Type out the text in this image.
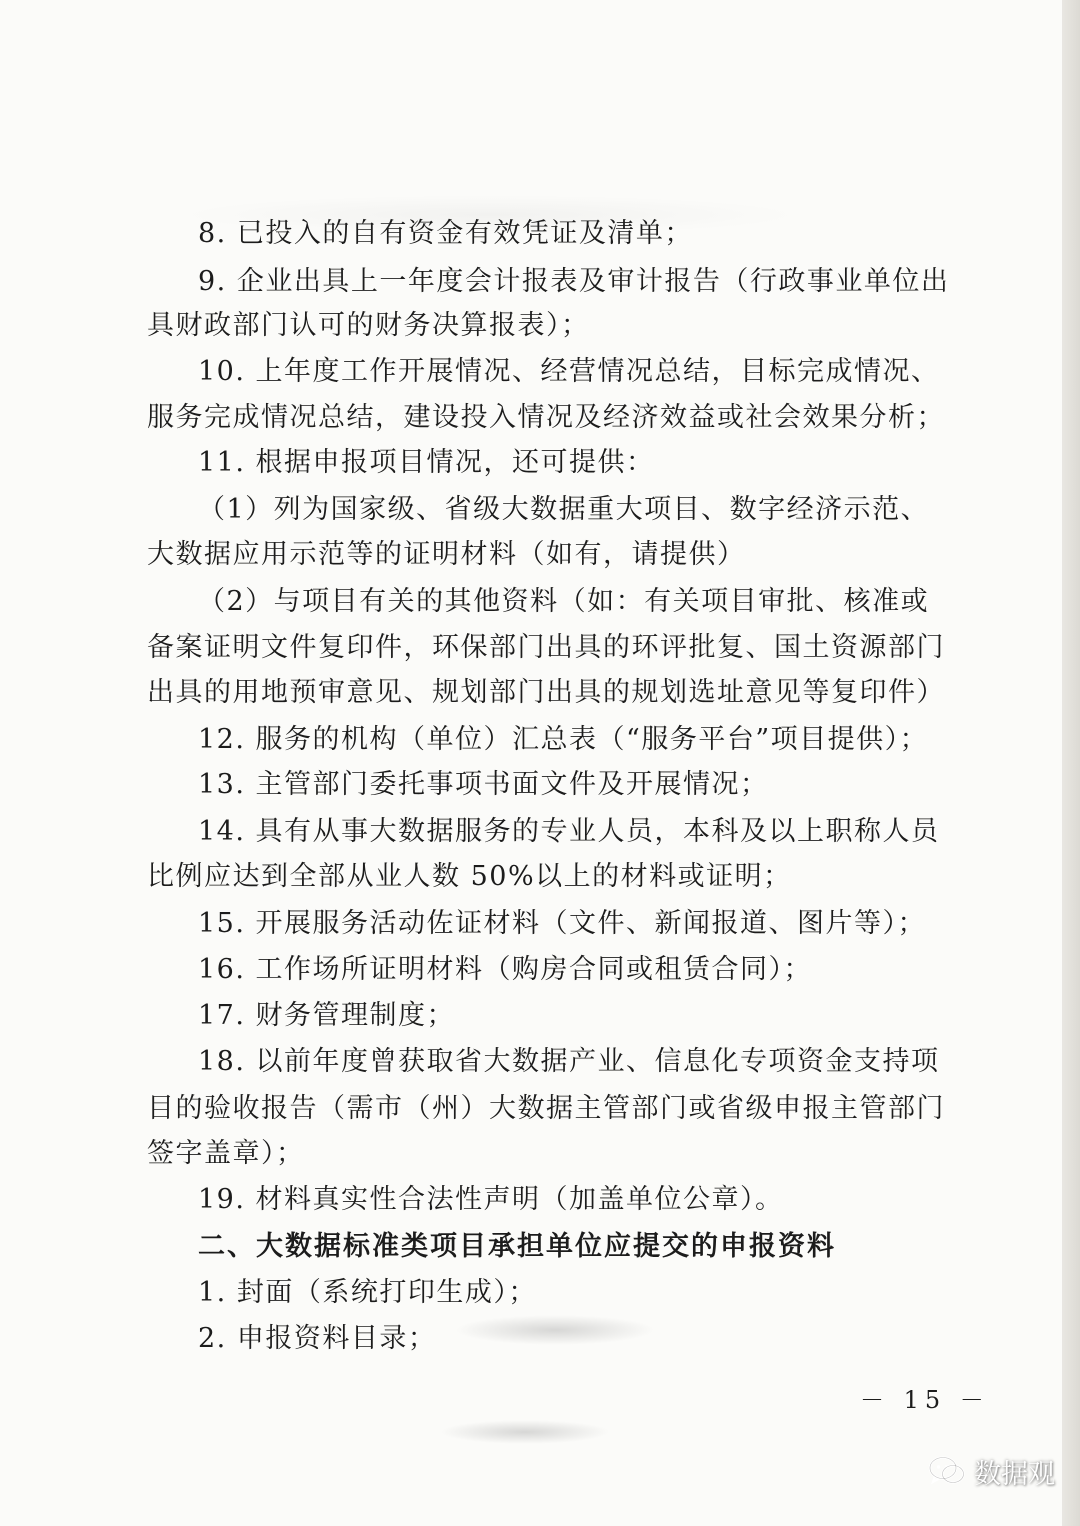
8. 已投入的自有资金有效凭证及清单；
9. 企业出具上一年度会计报表及审计报告（行政事业单位出
具财政部门认可的财务决算报表）；
10. 上年度工作开展情况、经营情况总结，目标完成情况、
服务完成情况总结，建设投入情况及经济效益或社会效果分析；
11. 根据申报项目情况，还可提供：
（1）列为国家级、省级大数据重大项目、数字经济示范、
大数据应用示范等的证明材料（如有，请提供）
（2）与项目有关的其他资料（如：有关项目审批、核准或
备案证明文件复印件，环保部门出具的环评批复、国土资源部门
出具的用地预审意见、规划部门出具的规划选址意见等复印件）
12. 服务的机构（单位）汇总表（“服务平台”项目提供）；
13. 主管部门委托事项书面文件及开展情况；
14. 具有从事大数据服务的专业人员，本科及以上职称人员
比例应达到全部从业人数 50%以上的材料或证明；
15. 开展服务活动佐证材料（文件、新闻报道、图片等）；
16. 工作场所证明材料（购房合同或租赁合同）；
17. 财务管理制度；
18. 以前年度曾获取省大数据产业、信息化专项资金支持项
目的验收报告（需市（州）大数据主管部门或省级申报主管部门
签字盖章）；
19. 材料真实性合法性声明（加盖单位公章）。
二、大数据标准类项目承担单位应提交的申报资料
1. 封面（系统打印生成）；
2. 申报资料目录；
－ 15 －
数据观
